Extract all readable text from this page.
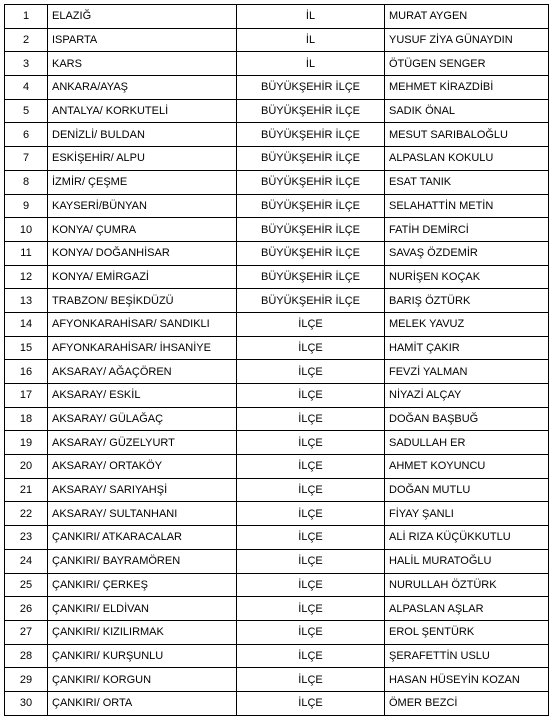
1	ELAZIĞ	İL	MURAT AYGEN
2	ISPARTA	İL	YUSUF ZİYA GÜNAYDIN
3	KARS	İL	ÖTÜGEN SENGER
4	ANKARA/AYAŞ	BÜYÜKŞEHİR İLÇE	MEHMET KİRAZDİBİ
5	ANTALYA/ KORKUTELİ	BÜYÜKŞEHİR İLÇE	SADIK ÖNAL
6	DENİZLİ/ BULDAN	BÜYÜKŞEHİR İLÇE	MESUT SARIBALOĞLU
7	ESKİŞEHİR/ ALPU	BÜYÜKŞEHİR İLÇE	ALPASLAN KOKULU
8	İZMİR/ ÇEŞME	BÜYÜKŞEHİR İLÇE	ESAT TANIK
9	KAYSERİ/BÜNYAN	BÜYÜKŞEHİR İLÇE	SELAHATTİN METİN
10	KONYA/ ÇUMRA	BÜYÜKŞEHİR İLÇE	FATİH DEMİRCİ
11	KONYA/ DOĞANHİSAR	BÜYÜKŞEHİR İLÇE	SAVAŞ ÖZDEMİR
12	KONYA/ EMİRGAZİ	BÜYÜKŞEHİR İLÇE	NURİŞEN KOÇAK
13	TRABZON/ BEŞİKDÜZÜ	BÜYÜKŞEHİR İLÇE	BARIŞ ÖZTÜRK
14	AFYONKARAHİSAR/ SANDIKLI	İLÇE	MELEK YAVUZ
15	AFYONKARAHİSAR/ İHSANİYE	İLÇE	HAMİT ÇAKIR
16	AKSARAY/ AĞAÇÖREN	İLÇE	FEVZİ YALMAN
17	AKSARAY/ ESKİL	İLÇE	NİYAZİ ALÇAY
18	AKSARAY/ GÜLAĞAÇ	İLÇE	DOĞAN BAŞBUĞ
19	AKSARAY/ GÜZELYURT	İLÇE	SADULLAH ER
20	AKSARAY/ ORTAKÖY	İLÇE	AHMET KOYUNCU
21	AKSARAY/ SARIYAHŞİ	İLÇE	DOĞAN MUTLU
22	AKSARAY/ SULTANHANI	İLÇE	FİYAY ŞANLI
23	ÇANKIRI/ ATKARACALAR	İLÇE	ALİ RIZA KÜÇÜKKUTLU
24	ÇANKIRI/ BAYRAMÖREN	İLÇE	HALİL MURATOĞLU
25	ÇANKIRI/ ÇERKEŞ	İLÇE	NURULLAH ÖZTÜRK
26	ÇANKIRI/ ELDİVAN	İLÇE	ALPASLAN AŞLAR
27	ÇANKIRI/ KIZILIRMAK	İLÇE	EROL ŞENTÜRK
28	ÇANKIRI/ KURŞUNLU	İLÇE	ŞERAFETTİN USLU
29	ÇANKIRI/ KORGUN	İLÇE	HASAN HÜSEYİN KOZAN
30	ÇANKIRI/ ORTA	İLÇE	ÖMER BEZCİ
